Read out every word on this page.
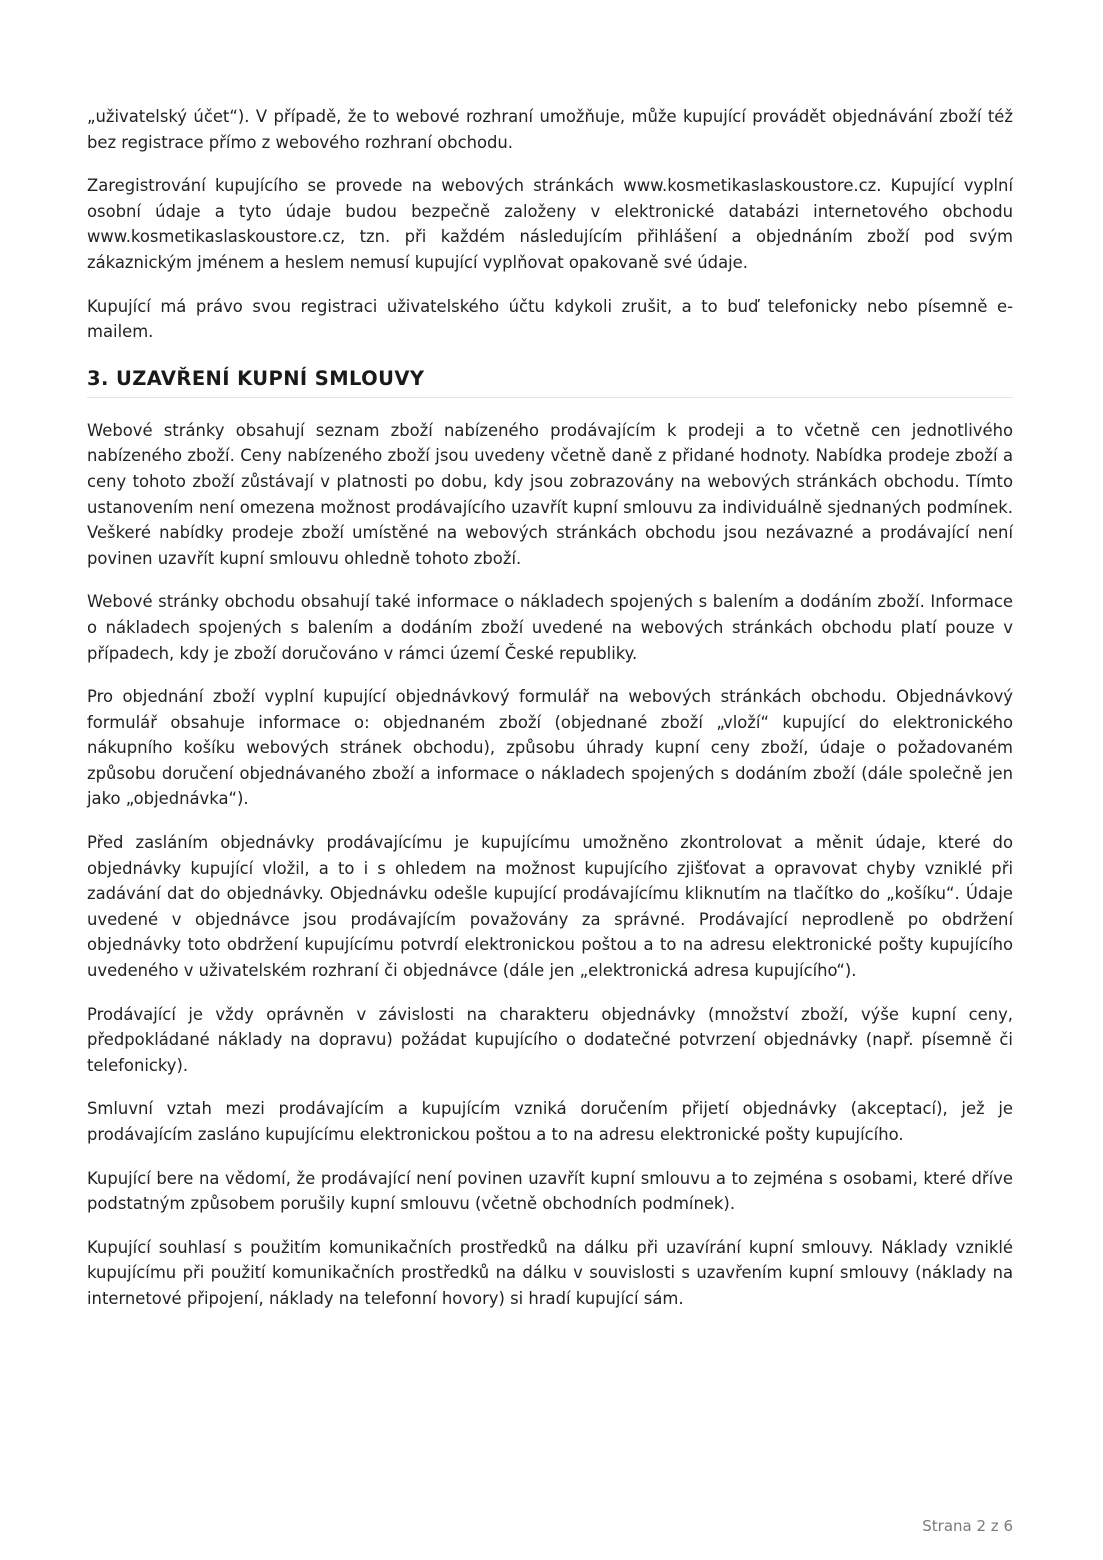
„uživatelský účet“). V případě, že to webové rozhraní umožňuje, může kupující provádět objednávání zboží též bez registrace přímo z webového rozhraní obchodu.

Zaregistrování kupujícího se provede na webových stránkách www.kosmetikaslaskoustore.cz. Kupující vyplní osobní údaje a tyto údaje budou bezpečně založeny v elektronické databázi internetového obchodu www.kosmetikaslaskoustore.cz, tzn. při každém následujícím přihlášení a objednáním zboží pod svým zákaznickým jménem a heslem nemusí kupující vyplňovat opakovaně své údaje.

Kupující má právo svou registraci uživatelského účtu kdykoli zrušit, a to buď telefonicky nebo písemně e-mailem.

3. UZAVŘENÍ KUPNÍ SMLOUVY

Webové stránky obsahují seznam zboží nabízeného prodávajícím k prodeji a to včetně cen jednotlivého nabízeného zboží. Ceny nabízeného zboží jsou uvedeny včetně daně z přidané hodnoty. Nabídka prodeje zboží a ceny tohoto zboží zůstávají v platnosti po dobu, kdy jsou zobrazovány na webových stránkách obchodu. Tímto ustanovením není omezena možnost prodávajícího uzavřít kupní smlouvu za individuálně sjednaných podmínek. Veškeré nabídky prodeje zboží umístěné na webových stránkách obchodu jsou nezávazné a prodávající není povinen uzavřít kupní smlouvu ohledně tohoto zboží.

Webové stránky obchodu obsahují také informace o nákladech spojených s balením a dodáním zboží. Informace o nákladech spojených s balením a dodáním zboží uvedené na webových stránkách obchodu platí pouze v případech, kdy je zboží doručováno v rámci území České republiky.

Pro objednání zboží vyplní kupující objednávkový formulář na webových stránkách obchodu. Objednávkový formulář obsahuje informace o: objednaném zboží (objednané zboží „vloží“ kupující do elektronického nákupního košíku webových stránek obchodu), způsobu úhrady kupní ceny zboží, údaje o požadovaném způsobu doručení objednávaného zboží a informace o nákladech spojených s dodáním zboží (dále společně jen jako „objednávka“).

Před zasláním objednávky prodávajícímu je kupujícímu umožněno zkontrolovat a měnit údaje, které do objednávky kupující vložil, a to i s ohledem na možnost kupujícího zjišťovat a opravovat chyby vzniklé při zadávání dat do objednávky. Objednávku odešle kupující prodávajícímu kliknutím na tlačítko do „košíku“. Údaje uvedené v objednávce jsou prodávajícím považovány za správné. Prodávající neprodleně po obdržení objednávky toto obdržení kupujícímu potvrdí elektronickou poštou a to na adresu elektronické pošty kupujícího uvedeného v uživatelském rozhraní či objednávce (dále jen „elektronická adresa kupujícího“).

Prodávající je vždy oprávněn v závislosti na charakteru objednávky (množství zboží, výše kupní ceny, předpokládané náklady na dopravu) požádat kupujícího o dodatečné potvrzení objednávky (např. písemně či telefonicky).

Smluvní vztah mezi prodávajícím a kupujícím vzniká doručením přijetí objednávky (akceptací), jež je prodávajícím zasláno kupujícímu elektronickou poštou a to na adresu elektronické pošty kupujícího.

Kupující bere na vědomí, že prodávající není povinen uzavřít kupní smlouvu a to zejména s osobami, které dříve podstatným způsobem porušily kupní smlouvu (včetně obchodních podmínek).

Kupující souhlasí s použitím komunikačních prostředků na dálku při uzavírání kupní smlouvy. Náklady vzniklé kupujícímu při použití komunikačních prostředků na dálku v souvislosti s uzavřením kupní smlouvy (náklady na internetové připojení, náklady na telefonní hovory) si hradí kupující sám.

Strana 2 z 6
